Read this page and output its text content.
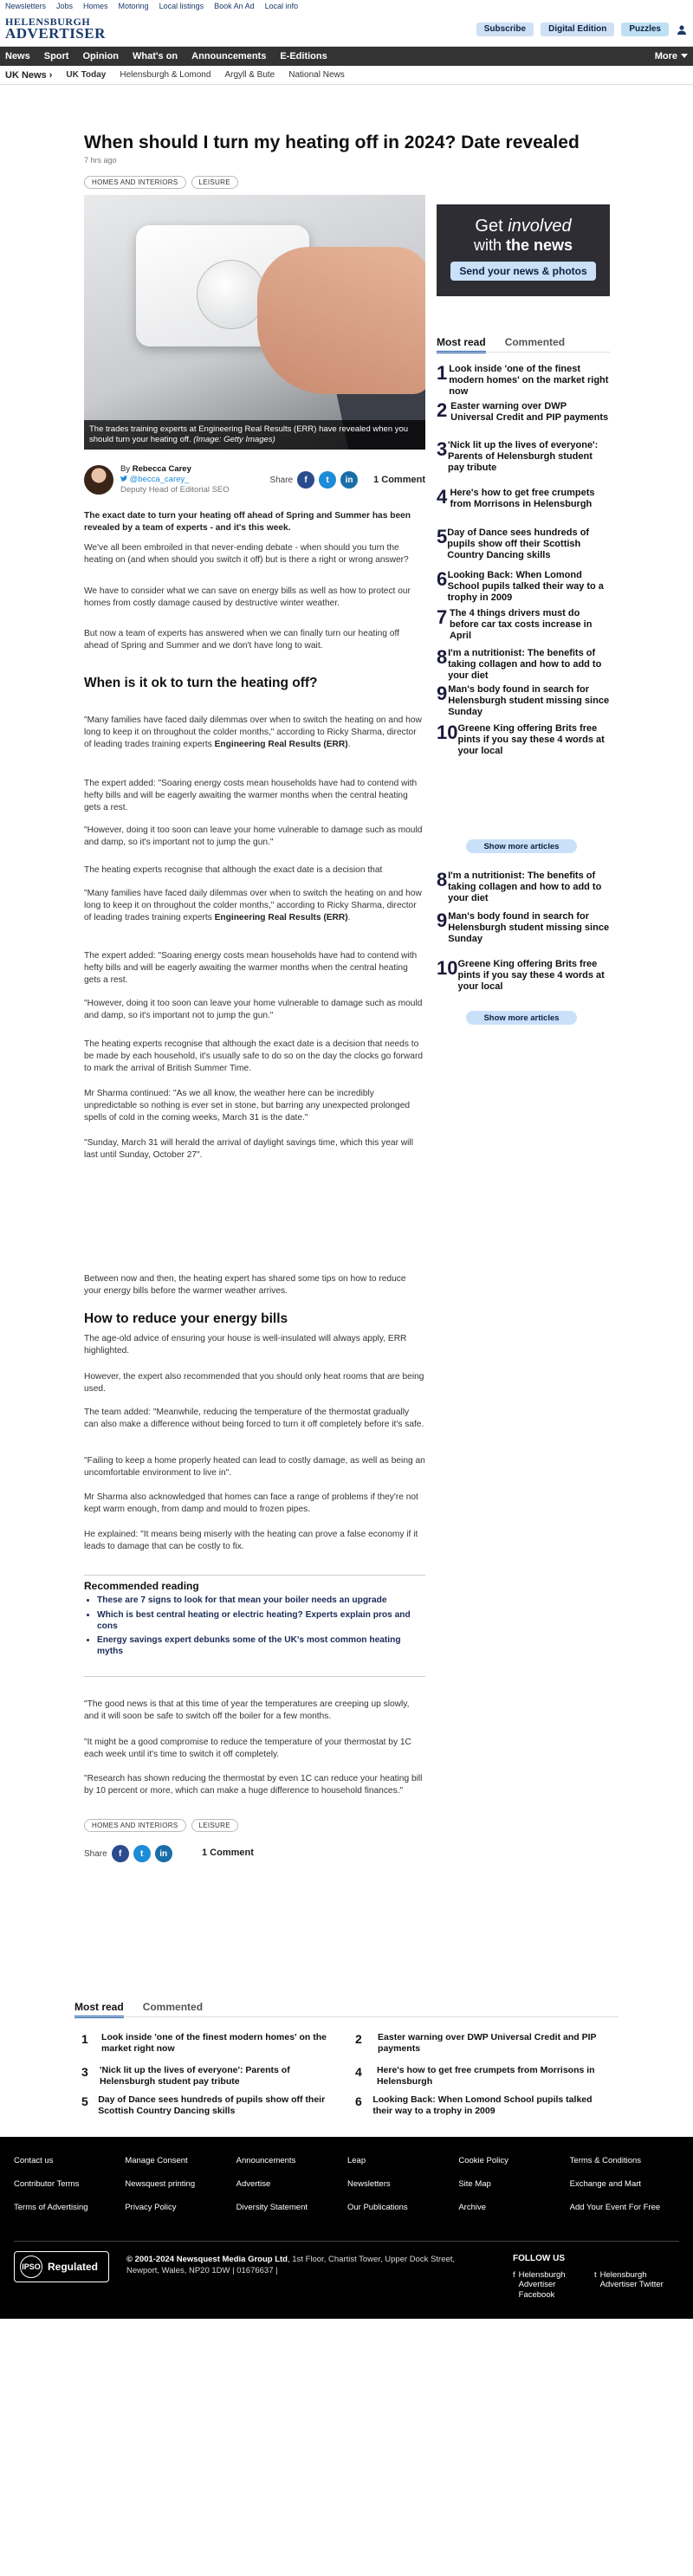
Newsletters Jobs Homes Motoring Local listings Book An Ad Local info
HELENSBURGH
ADVERTISER	Subscribe	Digital Edition	Puzzles
News Sport Opinion What's on Announcements E-Editions	More
UK News › UK Today Helensburgh & Lomond Argyll & Bute National News
When should I turn my heating off in 2024? Date revealed
7 hrs ago
HOMES AND INTERIORS	LEISURE
The trades training experts at Engineering Real Results (ERR) have revealed when you should turn your heating off. (Image: Getty Images)
By Rebecca Carey
@becca_carey_
Deputy Head of Editorial SEO
Share	f	t	in	1 Comment
The exact date to turn your heating off ahead of Spring and Summer has been revealed by a team of experts - and it's this week.
We've all been embroiled in that never-ending debate - when should you turn the heating on (and when should you switch it off) but is there a right or wrong answer?
We have to consider what we can save on energy bills as well as how to protect our homes from costly damage caused by destructive winter weather.
But now a team of experts has answered when we can finally turn our heating off ahead of Spring and Summer and we don't have long to wait.
When is it ok to turn the heating off?
"Many families have faced daily dilemmas over when to switch the heating on and how long to keep it on throughout the colder months," according to Ricky Sharma, director of leading trades training experts Engineering Real Results (ERR).
The expert added: "Soaring energy costs mean households have had to contend with hefty bills and will be eagerly awaiting the warmer months when the central heating gets a rest.
"However, doing it too soon can leave your home vulnerable to damage such as mould and damp, so it's important not to jump the gun."
The heating experts recognise that although the exact date is a decision that
"Many families have faced daily dilemmas over when to switch the heating on and how long to keep it on throughout the colder months," according to Ricky Sharma, director of leading trades training experts Engineering Real Results (ERR).
The expert added: "Soaring energy costs mean households have had to contend with hefty bills and will be eagerly awaiting the warmer months when the central heating gets a rest.
"However, doing it too soon can leave your home vulnerable to damage such as mould and damp, so it's important not to jump the gun."
The heating experts recognise that although the exact date is a decision that needs to be made by each household, it's usually safe to do so on the day the clocks go forward to mark the arrival of British Summer Time.
Mr Sharma continued: "As we all know, the weather here can be incredibly unpredictable so nothing is ever set in stone, but barring any unexpected prolonged spells of cold in the coming weeks, March 31 is the date."
"Sunday, March 31 will herald the arrival of daylight savings time, which this year will last until Sunday, October 27".
Between now and then, the heating expert has shared some tips on how to reduce your energy bills before the warmer weather arrives.
How to reduce your energy bills
The age-old advice of ensuring your house is well-insulated will always apply, ERR highlighted.
However, the expert also recommended that you should only heat rooms that are being used.
The team added: "Meanwhile, reducing the temperature of the thermostat gradually can also make a difference without being forced to turn it off completely before it's safe.
"Failing to keep a home properly heated can lead to costly damage, as well as being an uncomfortable environment to live in".
Mr Sharma also acknowledged that homes can face a range of problems if they're not kept warm enough, from damp and mould to frozen pipes.
He explained: "It means being miserly with the heating can prove a false economy if it leads to damage that can be costly to fix.
Recommended reading
• These are 7 signs to look for that mean your boiler needs an upgrade
• Which is best central heating or electric heating? Experts explain pros and cons
• Energy savings expert debunks some of the UK's most common heating myths
"The good news is that at this time of year the temperatures are creeping up slowly, and it will soon be safe to switch off the boiler for a few months.
"It might be a good compromise to reduce the temperature of your thermostat by 1C each week until it's time to switch it off completely.
"Research has shown reducing the thermostat by even 1C can reduce your heating bill by 10 percent or more, which can make a huge difference to household finances."
HOMES AND INTERIORS	LEISURE
Share	f	t	in	1 Comment
Get involved
with the news
Send your news & photos
Most read Commented
1 Look inside 'one of the finest modern homes' on the market right now
2 Easter warning over DWP Universal Credit and PIP payments
3 'Nick lit up the lives of everyone': Parents of Helensburgh student pay tribute
4 Here's how to get free crumpets from Morrisons in Helensburgh
5 Day of Dance sees hundreds of pupils show off their Scottish Country Dancing skills
6 Looking Back: When Lomond School pupils talked their way to a trophy in 2009
7 The 4 things drivers must do before car tax costs increase in April
8 I'm a nutritionist: The benefits of taking collagen and how to add to your diet
9 Man's body found in search for Helensburgh student missing since Sunday
10 Greene King offering Brits free pints if you say these 4 words at your local
Show more articles
8 I'm a nutritionist: The benefits of taking collagen and how to add to your diet
9 Man's body found in search for Helensburgh student missing since Sunday
10 Greene King offering Brits free pints if you say these 4 words at your local
Show more articles
Most read Commented
1	Look inside 'one of the finest modern homes' on the market right now
2	Easter warning over DWP Universal Credit and PIP payments
3	'Nick lit up the lives of everyone': Parents of Helensburgh student pay tribute
4	Here's how to get free crumpets from Morrisons in Helensburgh
5	Day of Dance sees hundreds of pupils show off their Scottish Country Dancing skills
6	Looking Back: When Lomond School pupils talked their way to a trophy in 2009
Contact us	Manage Consent	Announcements	Leap	Cookie Policy	Terms & Conditions
Contributor Terms	Newsquest printing	Advertise	Newsletters	Site Map	Exchange and Mart
Terms of Advertising	Privacy Policy	Diversity Statement	Our Publications	Archive	Add Your Event For Free
IPSO Regulated
© 2001-2024 Newsquest Media Group Ltd, 1st Floor, Chartist Tower, Upper Dock Street, Newport, Wales, NP20 1DW | 01676637 |
FOLLOW US
f Helensburgh Advertiser Facebook
t Helensburgh Advertiser Twitter
